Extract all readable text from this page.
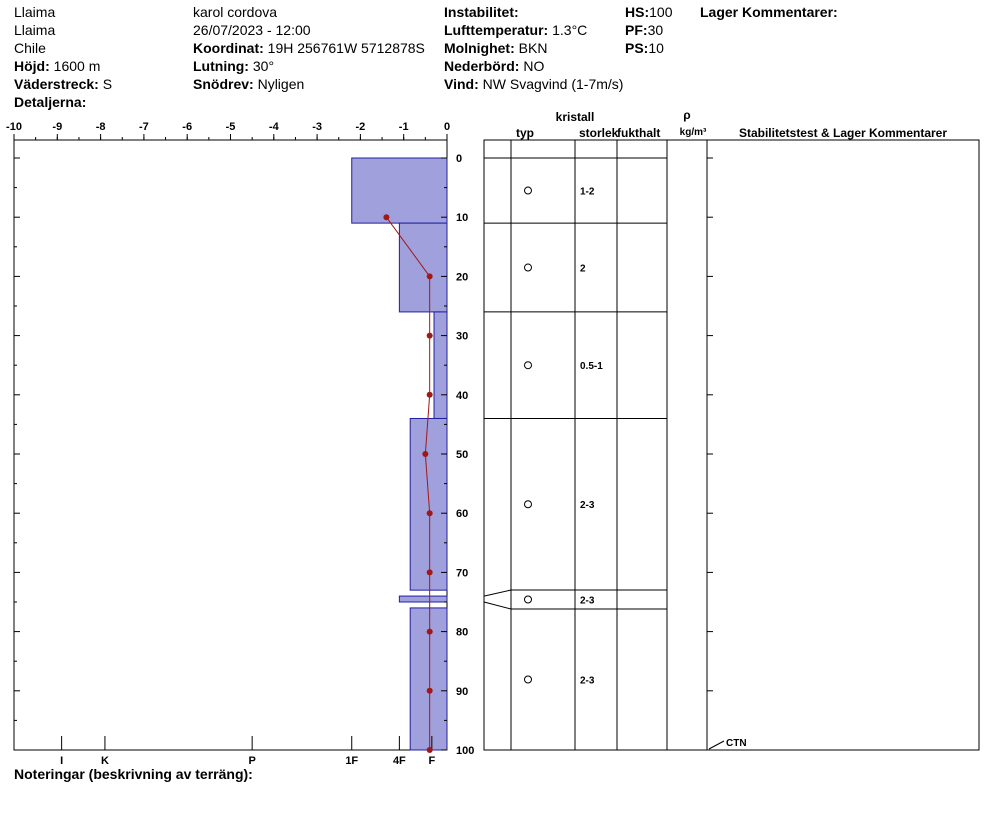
Llaima
Llaima
Chile
Höjd: 1600 m
Väderstreck: S
Detaljerna:
karol cordova
26/07/2023 - 12:00
Koordinat: 19H 256761W 5712878S
Lutning: 30°
Snödrev: Nyligen
Instabilitet:
Lufttemperatur: 1.3°C
Molnighet: BKN
Nederbörd: NO
Vind: NW Svagvind (1-7m/s)
HS:100
PF:30
PS:10
Lager Kommentarer:
-10	-9	-8	-7	-6	-5	-4	-3	-2	-1	0
0
10
20
30
40
50
60
70
80
90
100
I	K	P	1F	4F F
kristall
typ	storlek
fukthalt
ρ
kg/m³	Stabilitetstest & Lager Kommentarer
1-2
2
0.5-1
2-3
2-3
2-3
CTN
Noteringar (beskrivning av terräng):
